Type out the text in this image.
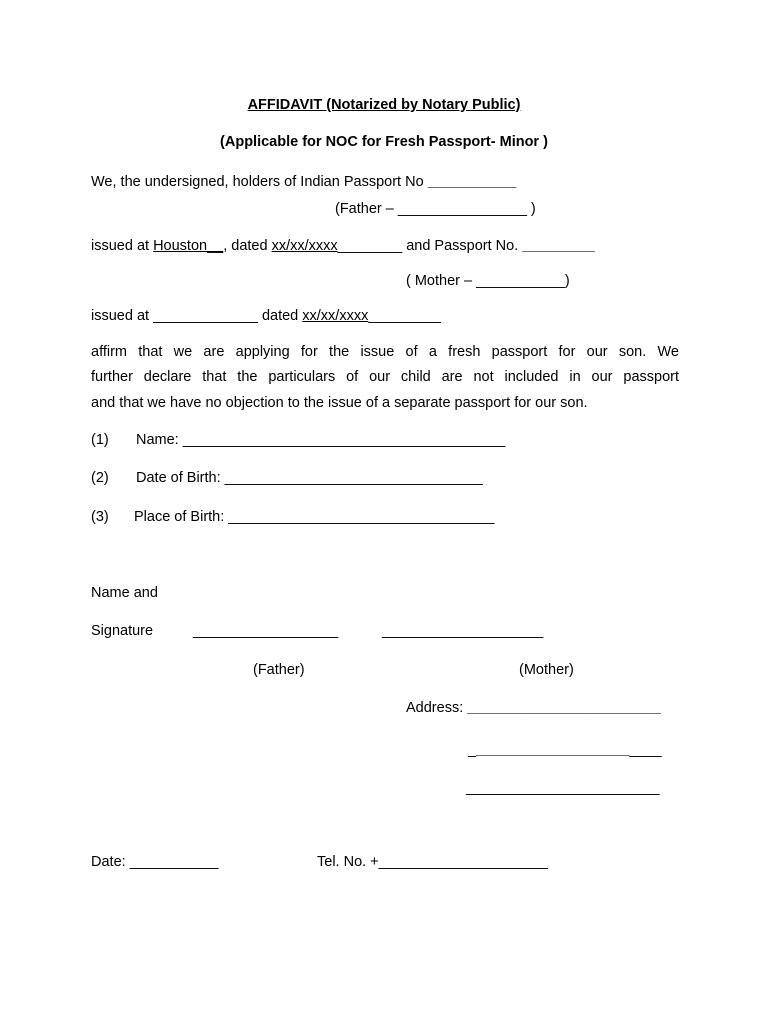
AFFIDAVIT (Notarized by Notary Public)
(Applicable for NOC for Fresh Passport- Minor )
We, the undersigned, holders of Indian Passport No ___________
(Father – ________________ )
issued at Houston__, dated xx/xx/xxxx________ and Passport No. _________
( Mother – ___________)
issued at _____________ dated xx/xx/xxxx_________
affirm that we are applying for the issue of a fresh passport for our son. We
further declare that the particulars of our child are not included in our passport
and that we have no objection to the issue of a separate passport for our son.
(1) Name: ________________________________________
(2) Date of Birth: ________________________________
(3) Place of Birth: _________________________________
Name and
Signature	__________________	____________________
(Father)	(Mother)
Address: ________________________
________________________
________________________
Date: ___________	Tel. No. +_____________________
